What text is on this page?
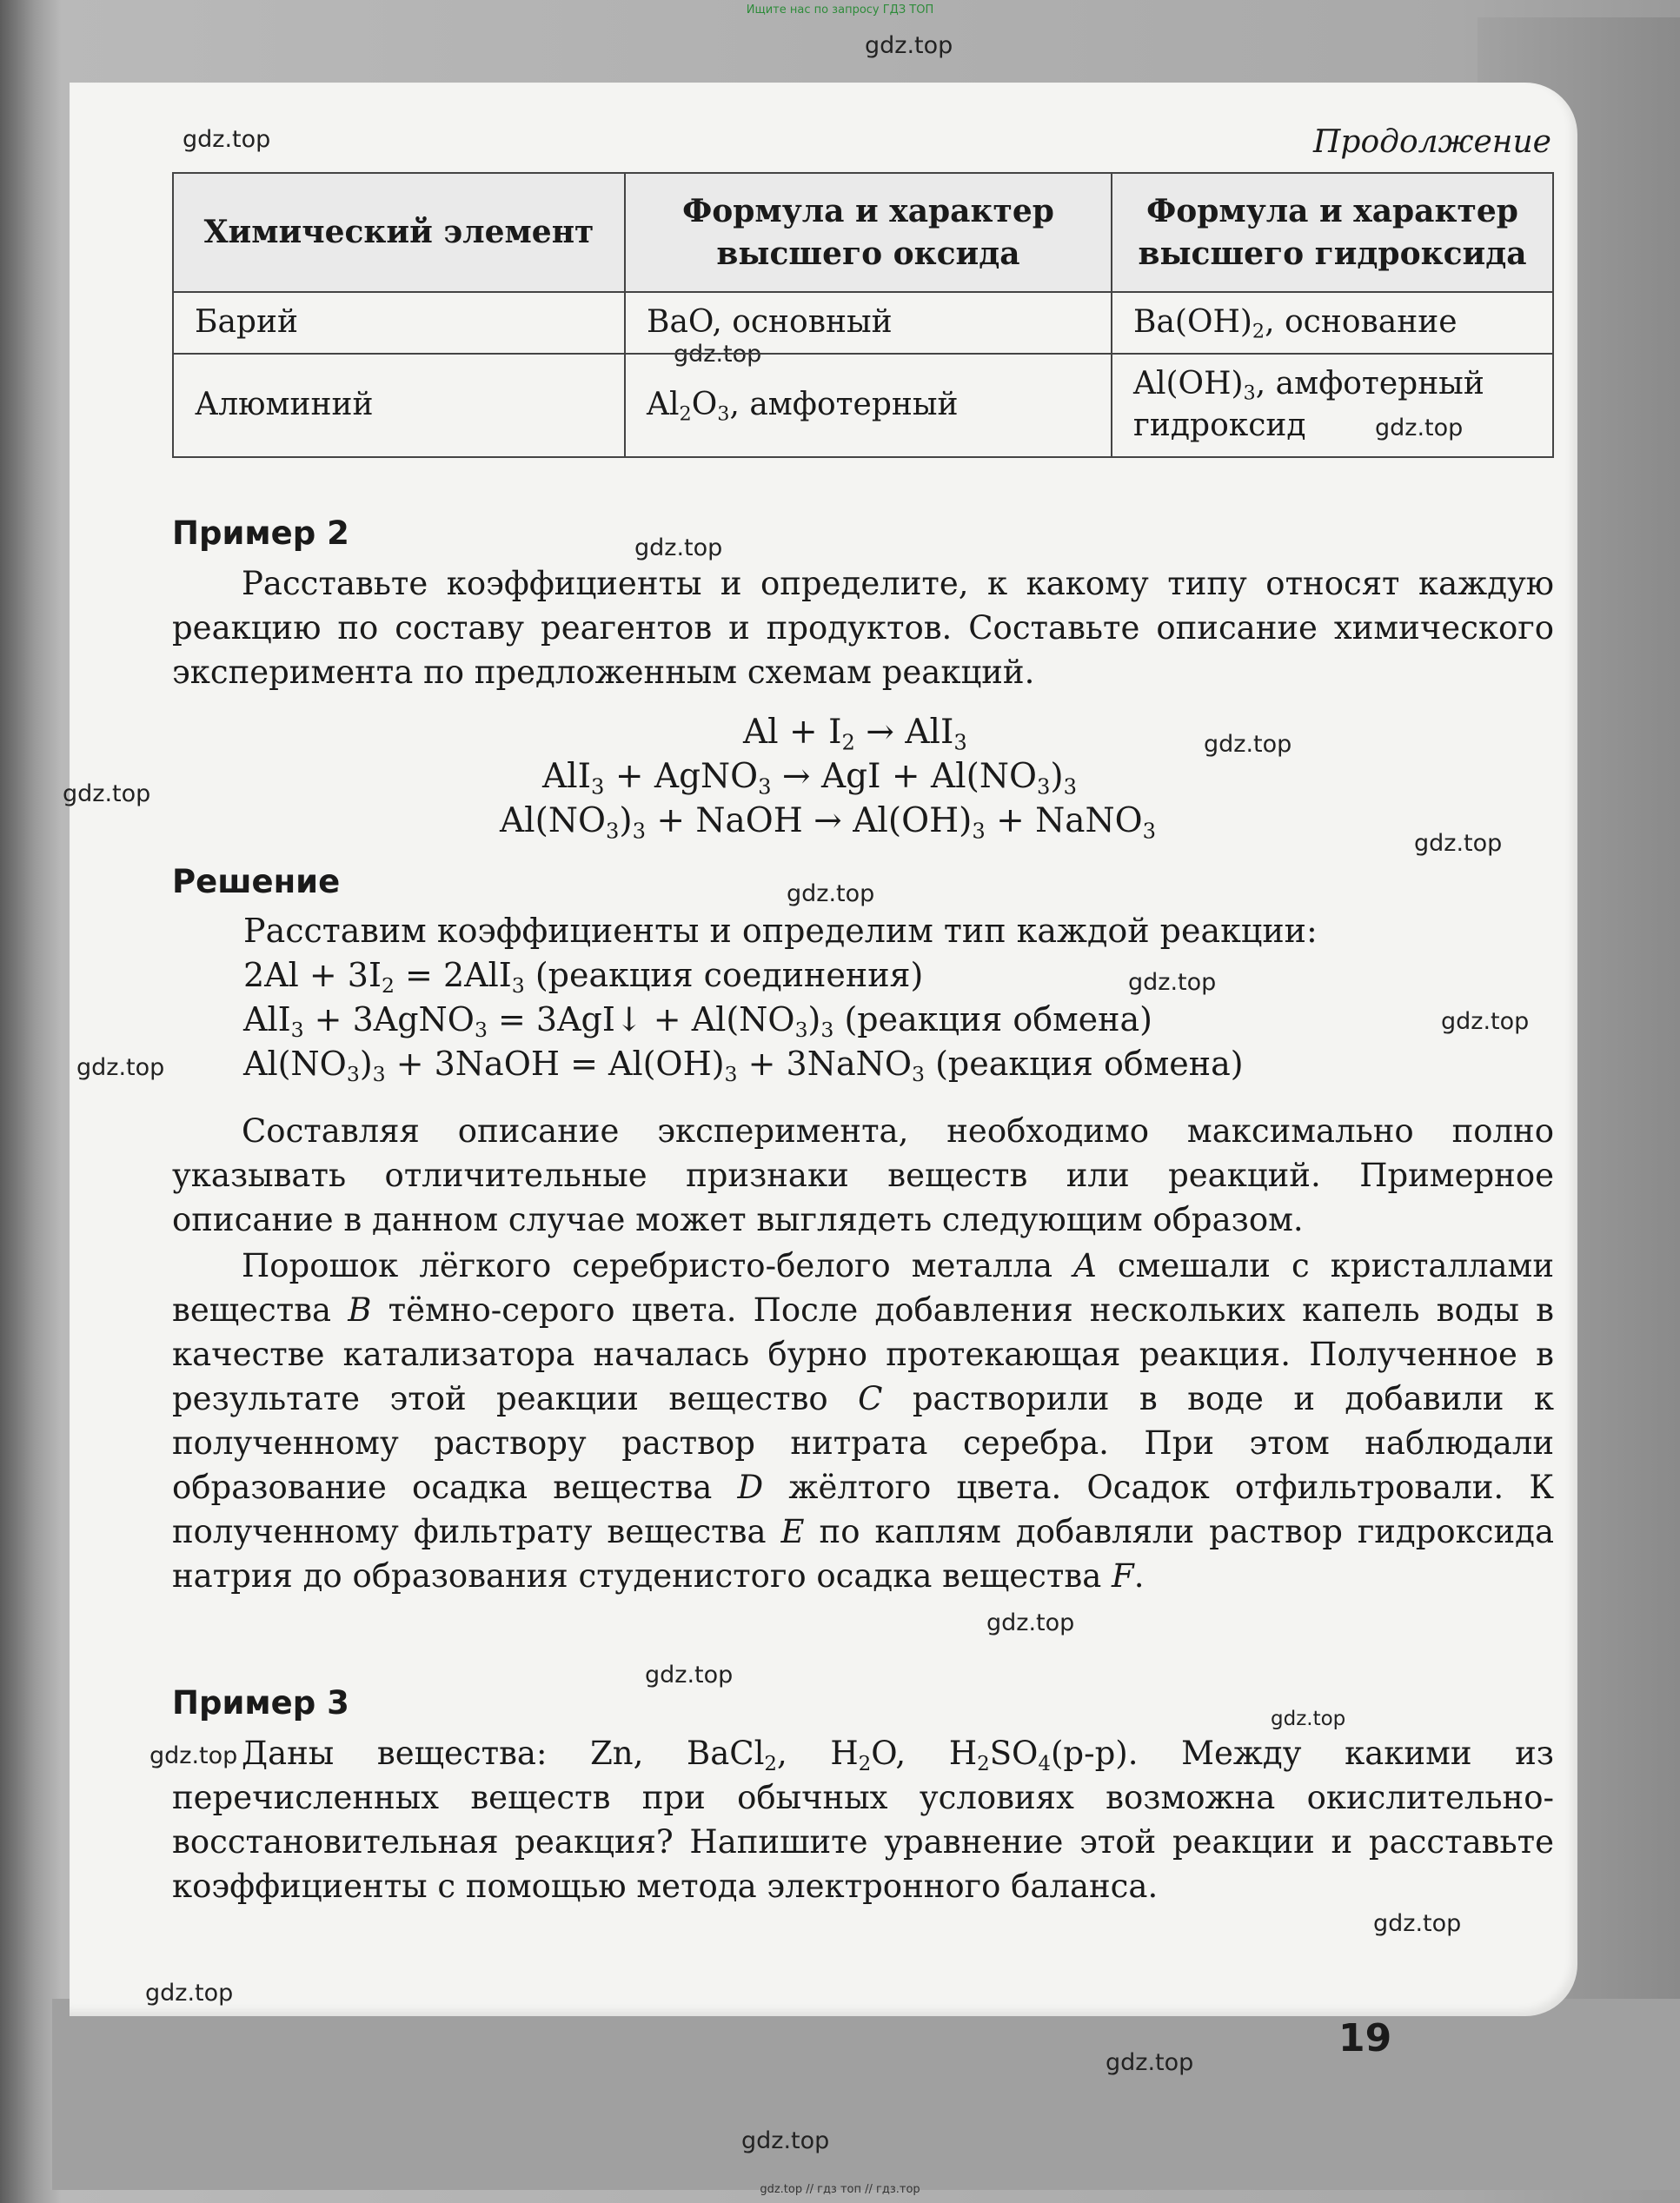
Ищите нас по запросу ГДЗ ТОП
gdz.top
gdz.top
gdz.top
gdz.top
gdz.top
gdz.top
gdz.top
gdz.top
gdz.top
gdz.top
gdz.top
gdz.top
gdz.top
gdz.top
gdz.top
gdz.top
gdz.top
gdz.top
gdz.top
gdz.top
Продолжение
Химический элемент	Формула и характер высшего оксида	Формула и характер высшего гидроксида
Барий	BaO, основный	$Ba(OH)_2$, основание
Алюминий	$Al_2O_3$, амфотерный	$Al(OH)_3$, амфотерный гидроксид
Пример 2
Расставьте коэффициенты и определите, к какому типу относят каждую реакцию по составу реагентов и продуктов. Составьте описание химического эксперимента по предложенным схемам реакций.
$Al + I_2 \to AlI_3$
AlI$_3$ + AgNO$_3$ → AgI + $Al(NO_3)_3$
$Al(NO_3)_3$ + NaOH → $Al(OH)_3$ + NaNO$_3$
Решение
Расставим коэффициенты и определим тип каждой реакции:
$2Al + 3I_2 = 2AlI_3$ (реакция соединения)
AlI$_3$ + 3AgNO$_3$ = 3AgI↓ + $Al(NO_3)_3$ (реакция обмена)
$Al(NO_3)_3$ + 3NaOH = $Al(OH)_3$ + 3NaNO$_3$ (реакция обмена)
Составляя описание эксперимента, необходимо максимально полно указывать отличительные признаки веществ или реакций. Примерное описание в данном случае может выглядеть следующим образом.
Порошок лёгкого серебристо-белого металла A смешали с кристаллами вещества B тёмно-серого цвета. После добавления нескольких капель воды в качестве катализатора началась бурно протекающая реакция. Полученное в результате этой реакции вещество C растворили в воде и добавили к полученному раствору раствор нитрата серебра. При этом наблюдали образование осадка вещества D жёлтого цвета. Осадок отфильтровали. К полученному фильтрату вещества E по каплям добавляли раствор гидроксида натрия до образования студенистого осадка вещества F.
Пример 3
Даны вещества: Zn, BaCl$_2$, $H_2O$, $H_2SO_4(р-р)$. Между какими из перечисленных веществ при обычных условиях возможна окислительно-восстановительная реакция? Напишите уравнение этой реакции и расставьте коэффициенты с помощью метода электронного баланса.
19
gdz.top // гдз топ // гдз.тор
